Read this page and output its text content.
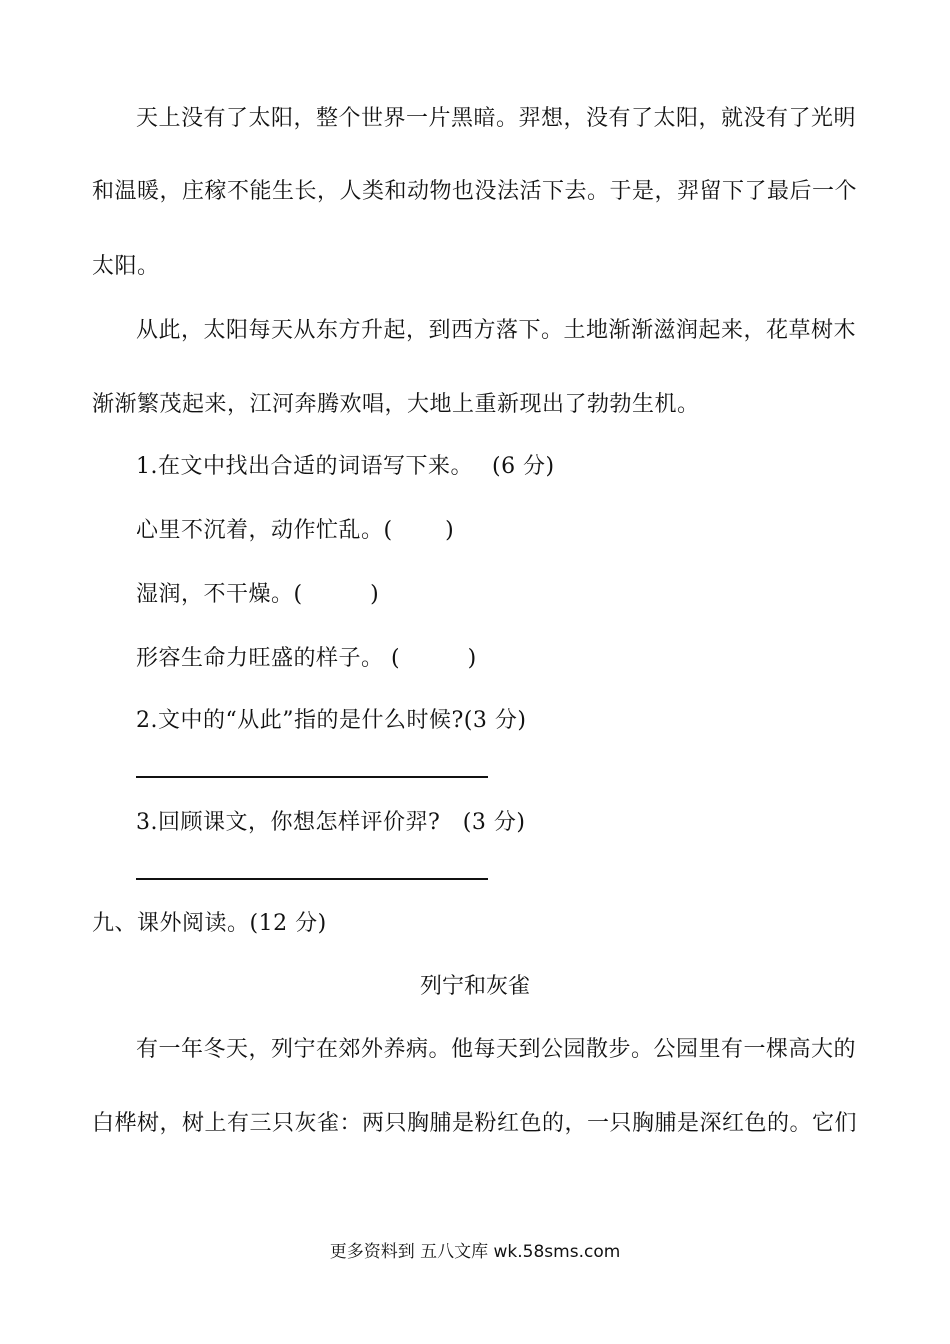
天上没有了太阳，整个世界一片黑暗。羿想，没有了太阳，就没有了光明
和温暖，庄稼不能生长，人类和动物也没法活下去。于是，羿留下了最后一个
太阳。
从此，太阳每天从东方升起，到西方落下。土地渐渐滋润起来，花草树木
渐渐繁茂起来，江河奔腾欢唱，大地上重新现出了勃勃生机。
1.在文中找出合适的词语写下来。　 (6 分)
心里不沉着，动作忙乱。(　　 )
湿润，不干燥。(　　　)
形容生命力旺盛的样子。 (　　　)
2.文中的“从此”指的是什么时候?(3 分)
3.回顾课文，你想怎样评价羿?　(3 分)
九、课外阅读。(12 分)
列宁和灰雀
有一年冬天，列宁在郊外养病。他每天到公园散步。公园里有一棵高大的
白桦树，树上有三只灰雀：两只胸脯是粉红色的，一只胸脯是深红色的。它们
更多资料到 五八文库 wk.58sms.com
